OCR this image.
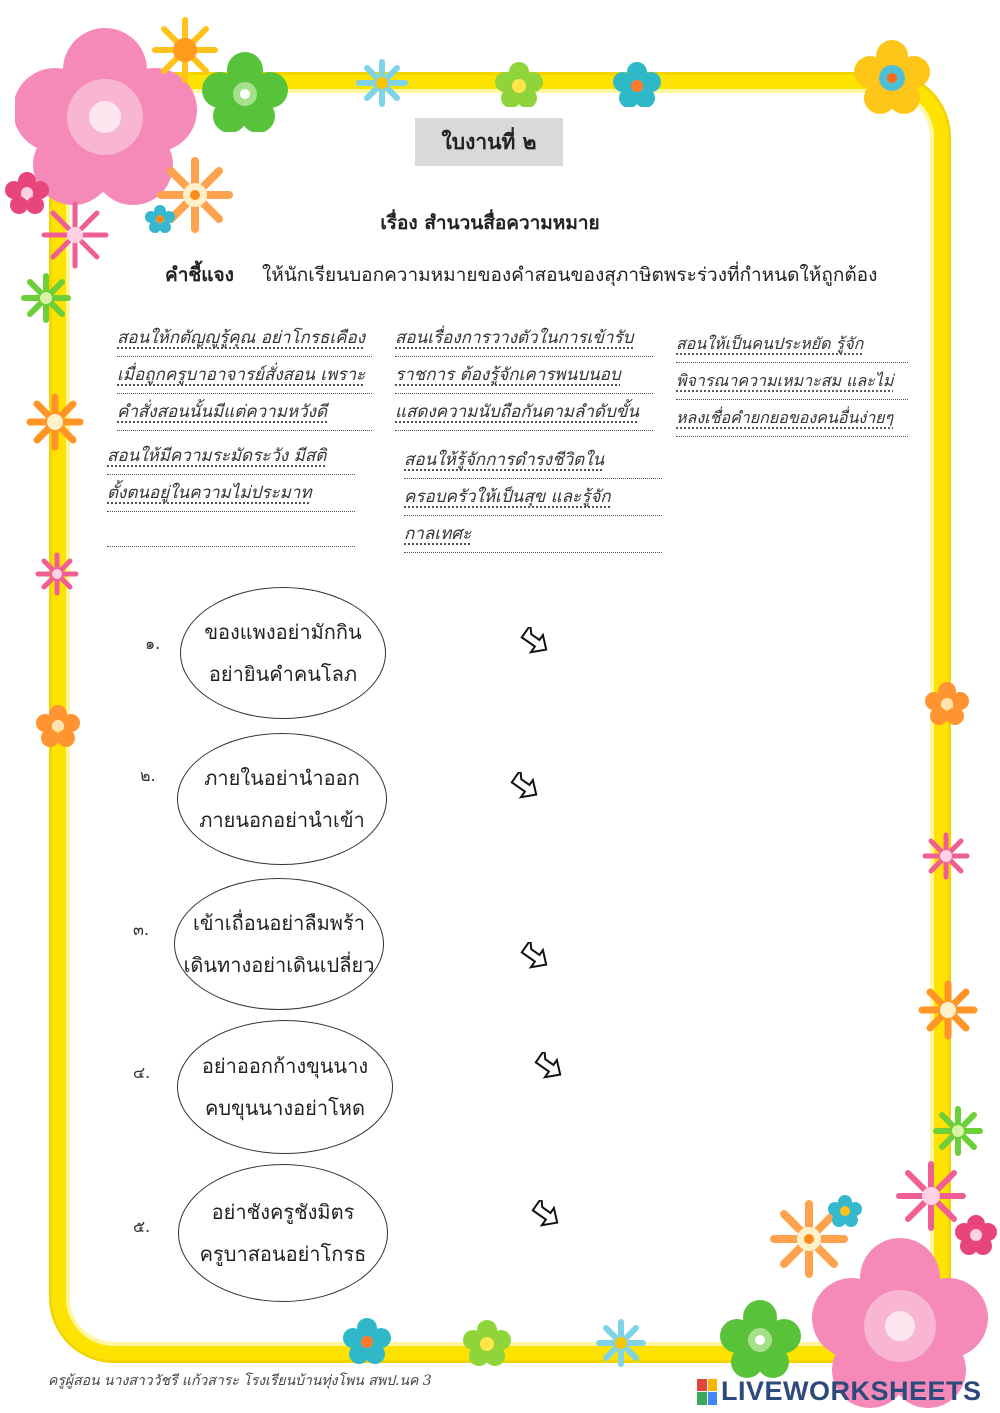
ใบงานที่ ๒
เรื่อง สำนวนสื่อความหมาย
คำชี้แจง ให้นักเรียนบอกความหมายของคำสอนของสุภาษิตพระร่วงที่กำหนดให้ถูกต้อง
สอนให้กตัญญูรู้คุณ อย่าโกรธเคือง
เมื่อถูกครูบาอาจารย์สั่งสอน เพราะ
คำสั่งสอนนั้นมีแต่ความหวังดี
สอนเรื่องการวางตัวในการเข้ารับ
ราชการ ต้องรู้จักเคารพนบนอบ
แสดงความนับถือกันตามลำดับขั้น
สอนให้เป็นคนประหยัด รู้จัก
พิจารณาความเหมาะสม และไม่
หลงเชื่อคำยกยอของคนอื่นง่ายๆ
สอนให้มีความระมัดระวัง มีสติ
ตั้งตนอยู่ในความไม่ประมาท
สอนให้รู้จักการดำรงชีวิตใน
ครอบครัวให้เป็นสุข และรู้จัก
กาลเทศะ
๑. ของแพงอย่ามักกิน
อย่ายินคำคนโลภ
๒. ภายในอย่านำออก
ภายนอกอย่านำเข้า
๓. เข้าเถื่อนอย่าลืมพร้า
เดินทางอย่าเดินเปลี่ยว
๔.	อย่าออกก้างขุนนาง
คบขุนนางอย่าโหด
๕.
อย่าชังครูชังมิตร
ครูบาสอนอย่าโกรธ
ครูผู้สอน นางสาววัชรี แก้วสาระ โรงเรียนบ้านทุ่งโพน สพป.นค 3	LIVEWORKSHEETS
